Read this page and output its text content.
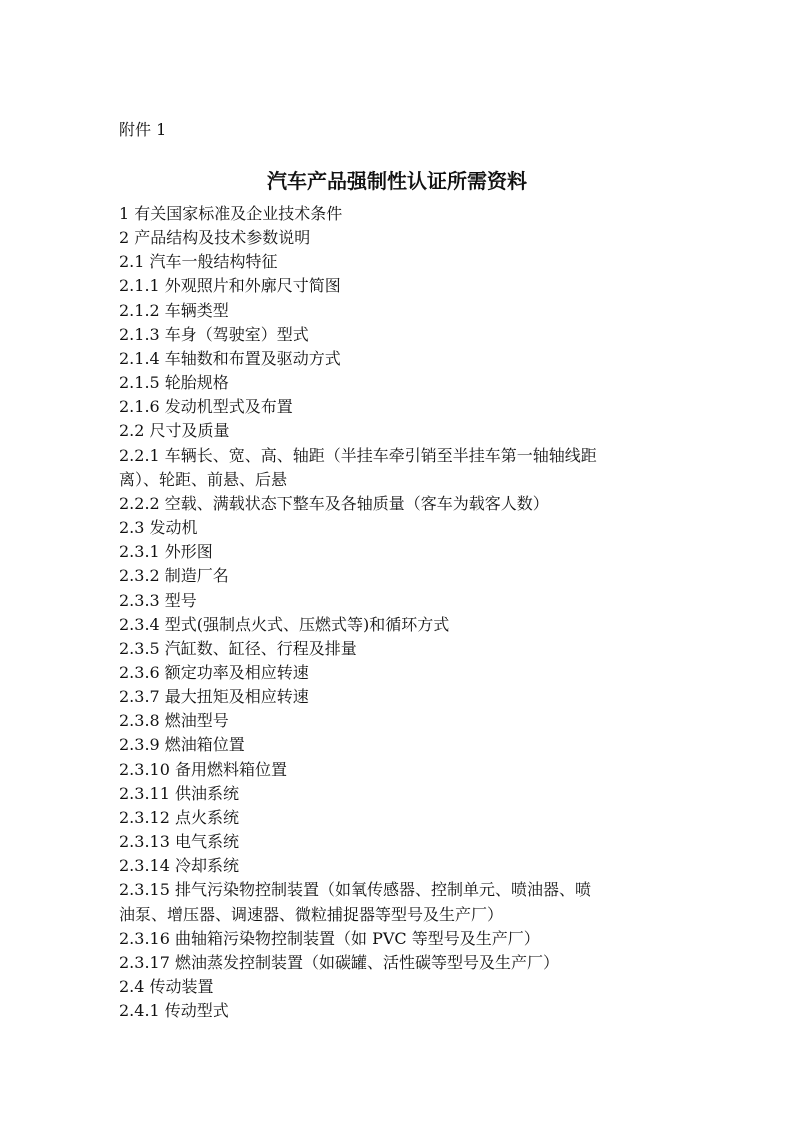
附件 1
汽车产品强制性认证所需资料
1 有关国家标准及企业技术条件
2 产品结构及技术参数说明
2.1 汽车一般结构特征
2.1.1 外观照片和外廓尺寸简图
2.1.2 车辆类型
2.1.3 车身（驾驶室）型式
2.1.4 车轴数和布置及驱动方式
2.1.5 轮胎规格
2.1.6 发动机型式及布置
2.2 尺寸及质量
2.2.1 车辆长、宽、高、轴距（半挂车牵引销至半挂车第一轴轴线距
离）、轮距、前悬、后悬
2.2.2 空载、满载状态下整车及各轴质量（客车为载客人数）
2.3 发动机
2.3.1 外形图
2.3.2 制造厂名
2.3.3 型号
2.3.4 型式(强制点火式、压燃式等)和循环方式
2.3.5 汽缸数、缸径、行程及排量
2.3.6 额定功率及相应转速
2.3.7 最大扭矩及相应转速
2.3.8 燃油型号
2.3.9 燃油箱位置
2.3.10 备用燃料箱位置
2.3.11 供油系统
2.3.12 点火系统
2.3.13 电气系统
2.3.14 冷却系统
2.3.15 排气污染物控制装置（如氧传感器、控制单元、喷油器、喷
油泵、增压器、调速器、微粒捕捉器等型号及生产厂）
2.3.16 曲轴箱污染物控制装置（如 PVC 等型号及生产厂）
2.3.17 燃油蒸发控制装置（如碳罐、活性碳等型号及生产厂）
2.4 传动装置
2.4.1 传动型式
